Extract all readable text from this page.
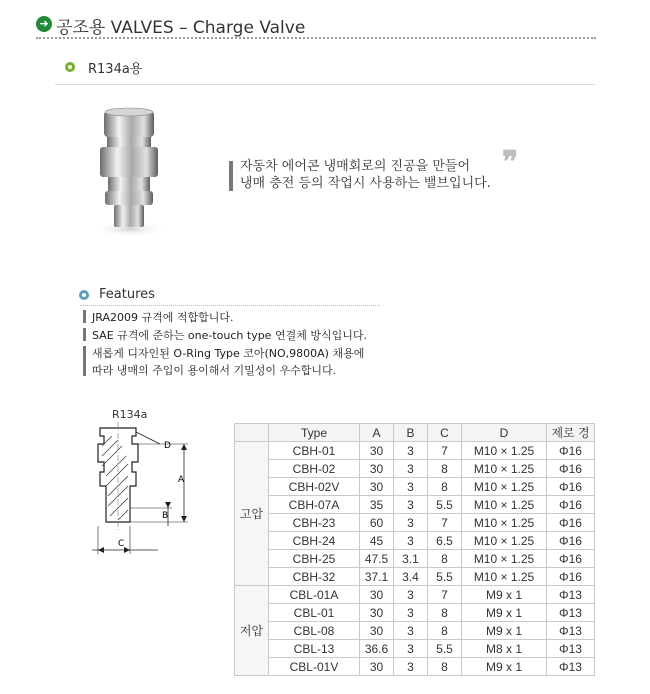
➜ 공조용 VALVES – Charge Valve
R134a용
자동차 에어콘 냉매회로의 진공을 만들어
냉매 충전 등의 작업시 사용하는 밸브입니다.
❞
Features
JRA2009 규격에 적합합니다.
SAE 규격에 준하는 one-touch type 연결체 방식입니다.
새롭게 디자인된 O-Ring Type 코아(NO,9800A) 채용에
따라 냉매의 주입이 용이해서 기밀성이 우수합니다.
R134a
A
B
C
D
	Type	A	B	C	D	제로 경
고압	CBH-01	30	3	7	M10 × 1.25	Φ16
	CBH-02	30	3	8	M10 × 1.25	Φ16
	CBH-02V	30	3	8	M10 × 1.25	Φ16
	CBH-07A	35	3	5.5	M10 × 1.25	Φ16
	CBH-23	60	3	7	M10 × 1.25	Φ16
	CBH-24	45	3	6.5	M10 × 1.25	Φ16
	CBH-25	47.5	3.1	8	M10 × 1.25	Φ16
	CBH-32	37.1	3.4	5.5	M10 × 1.25	Φ16
저압	CBL-01A	30	3	7	M9 x 1	Φ13
	CBL-01	30	3	8	M9 x 1	Φ13
	CBL-08	30	3	8	M9 x 1	Φ13
	CBL-13	36.6	3	5.5	M8 x 1	Φ13
	CBL-01V	30	3	8	M9 x 1	Φ13
